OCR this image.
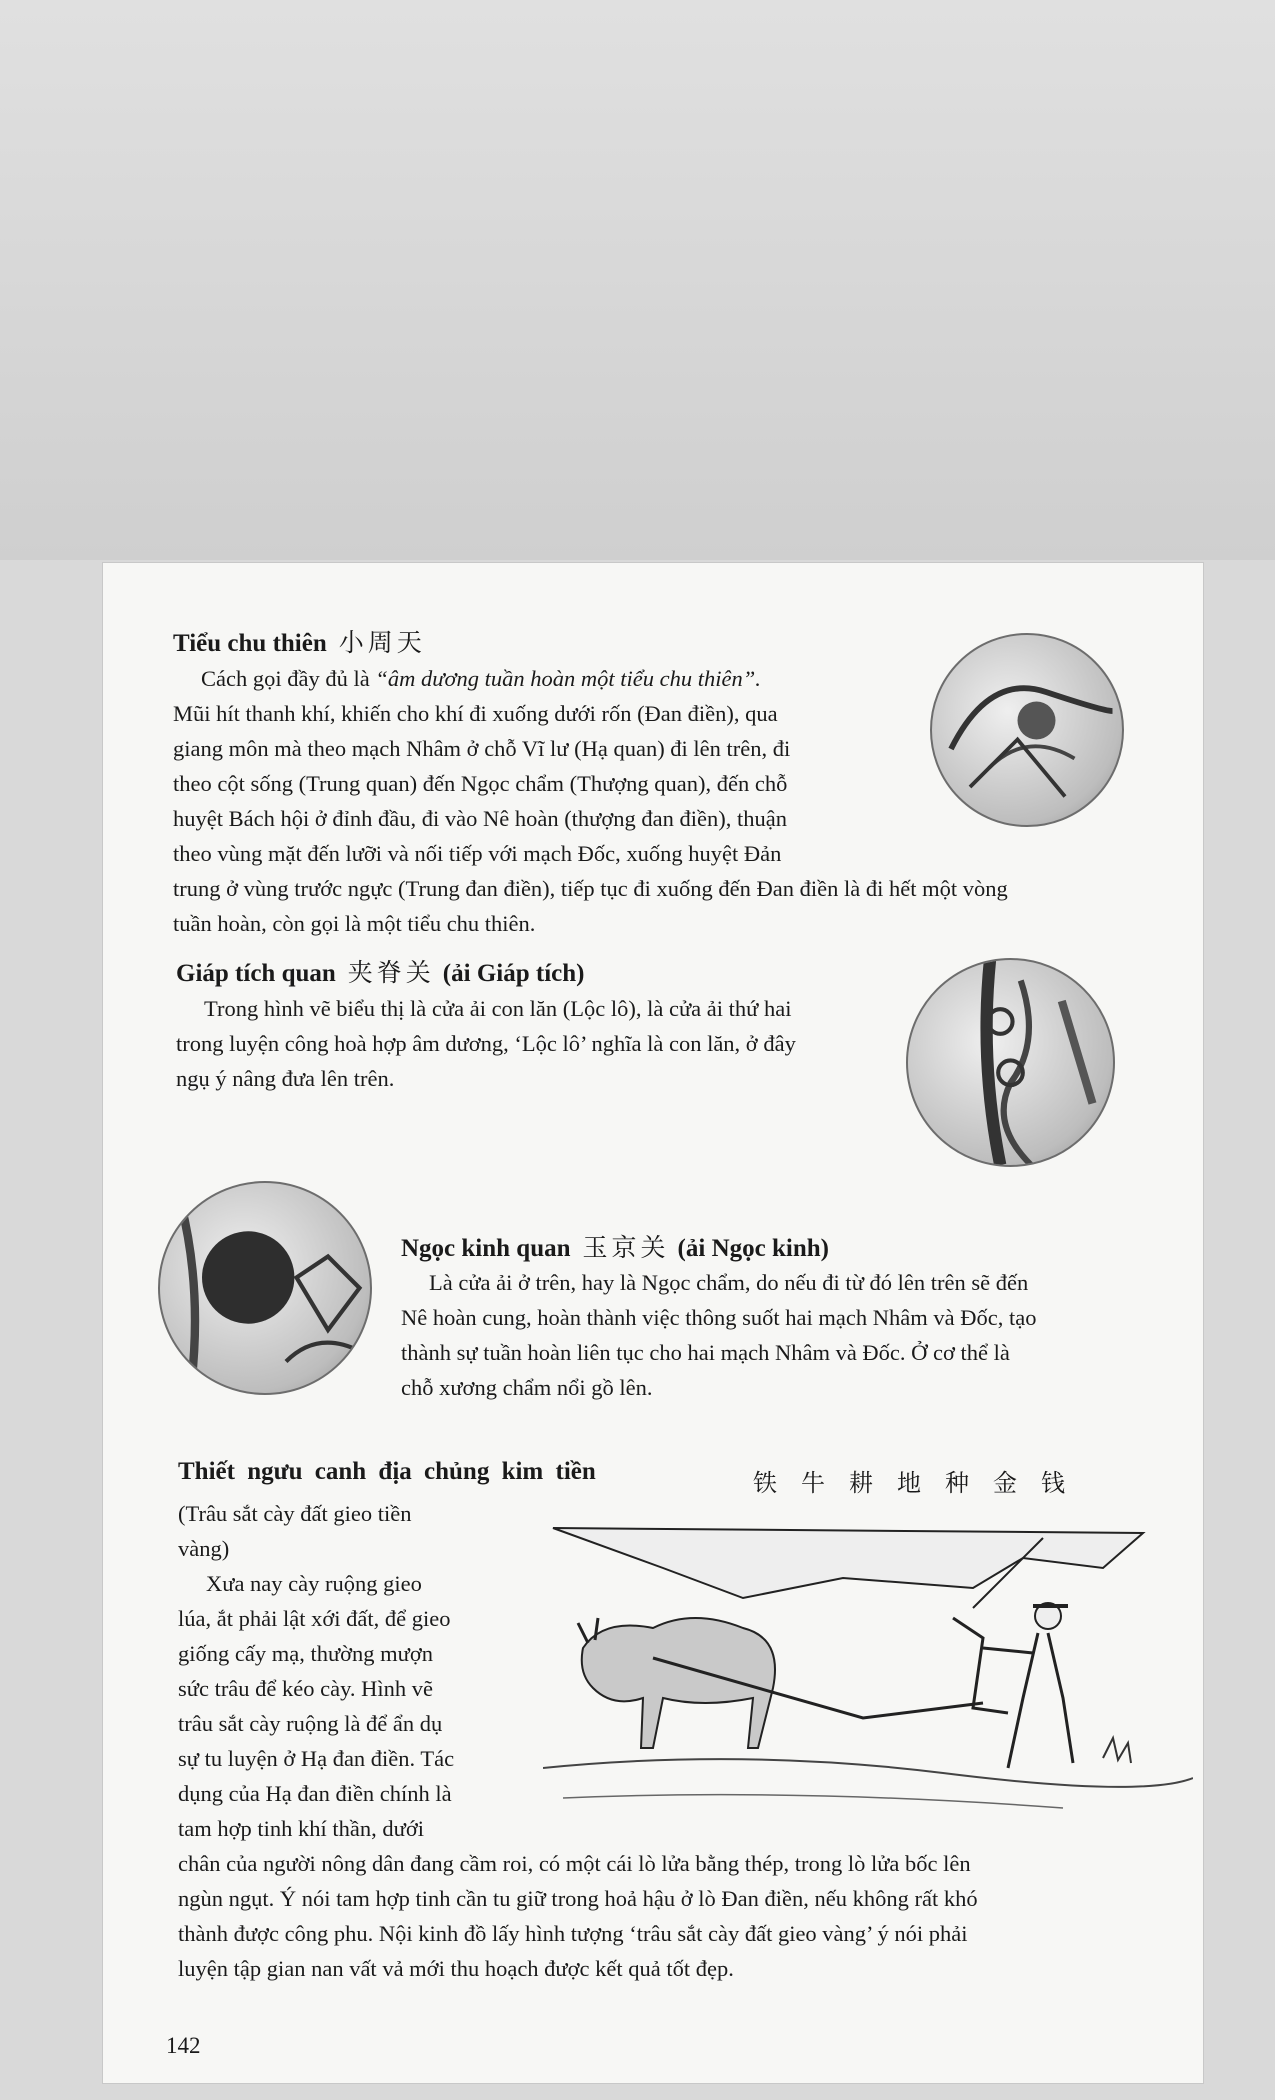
Tiểu chu thiên 小周天

Cách gọi đầy đủ là “âm dương tuần hoàn một tiểu chu thiên”.

Mũi hít thanh khí, khiến cho khí đi xuống dưới rốn (Đan điền), qua

giang môn mà theo mạch Nhâm ở chỗ Vĩ lư (Hạ quan) đi lên trên, đi

theo cột sống (Trung quan) đến Ngọc chẩm (Thượng quan), đến chỗ

huyệt Bách hội ở đỉnh đầu, đi vào Nê hoàn (thượng đan điền), thuận

theo vùng mặt đến lưỡi và nối tiếp với mạch Đốc, xuống huyệt Đản

trung ở vùng trước ngực (Trung đan điền), tiếp tục đi xuống đến Đan điền là đi hết một vòng

tuần hoàn, còn gọi là một tiểu chu thiên.

Giáp tích quan 夹脊关 (ải Giáp tích)

Trong hình vẽ biểu thị là cửa ải con lăn (Lộc lô), là cửa ải thứ hai

trong luyện công hoà hợp âm dương, ‘Lộc lô’ nghĩa là con lăn, ở đây

ngụ ý nâng đưa lên trên.

Ngọc kinh quan 玉京关 (ải Ngọc kinh)

Là cửa ải ở trên, hay là Ngọc chẩm, do nếu đi từ đó lên trên sẽ đến

Nê hoàn cung, hoàn thành việc thông suốt hai mạch Nhâm và Đốc, tạo

thành sự tuần hoàn liên tục cho hai mạch Nhâm và Đốc. Ở cơ thể là

chỗ xương chẩm nổi gồ lên.

Thiết ngưu canh địa chủng kim tiền	铁牛耕地种金钱

(Trâu sắt cày đất gieo tiền

vàng)

Xưa nay cày ruộng gieo

lúa, ắt phải lật xới đất, để gieo

giống cấy mạ, thường mượn

sức trâu để kéo cày. Hình vẽ

trâu sắt cày ruộng là để ẩn dụ

sự tu luyện ở Hạ đan điền. Tác

dụng của Hạ đan điền chính là

tam hợp tinh khí thần, dưới

chân của người nông dân đang cầm roi, có một cái lò lửa bằng thép, trong lò lửa bốc lên

ngùn ngụt. Ý nói tam hợp tinh cần tu giữ trong hoả hậu ở lò Đan điền, nếu không rất khó

thành được công phu. Nội kinh đồ lấy hình tượng ‘trâu sắt cày đất gieo vàng’ ý nói phải

luyện tập gian nan vất vả mới thu hoạch được kết quả tốt đẹp.

142
